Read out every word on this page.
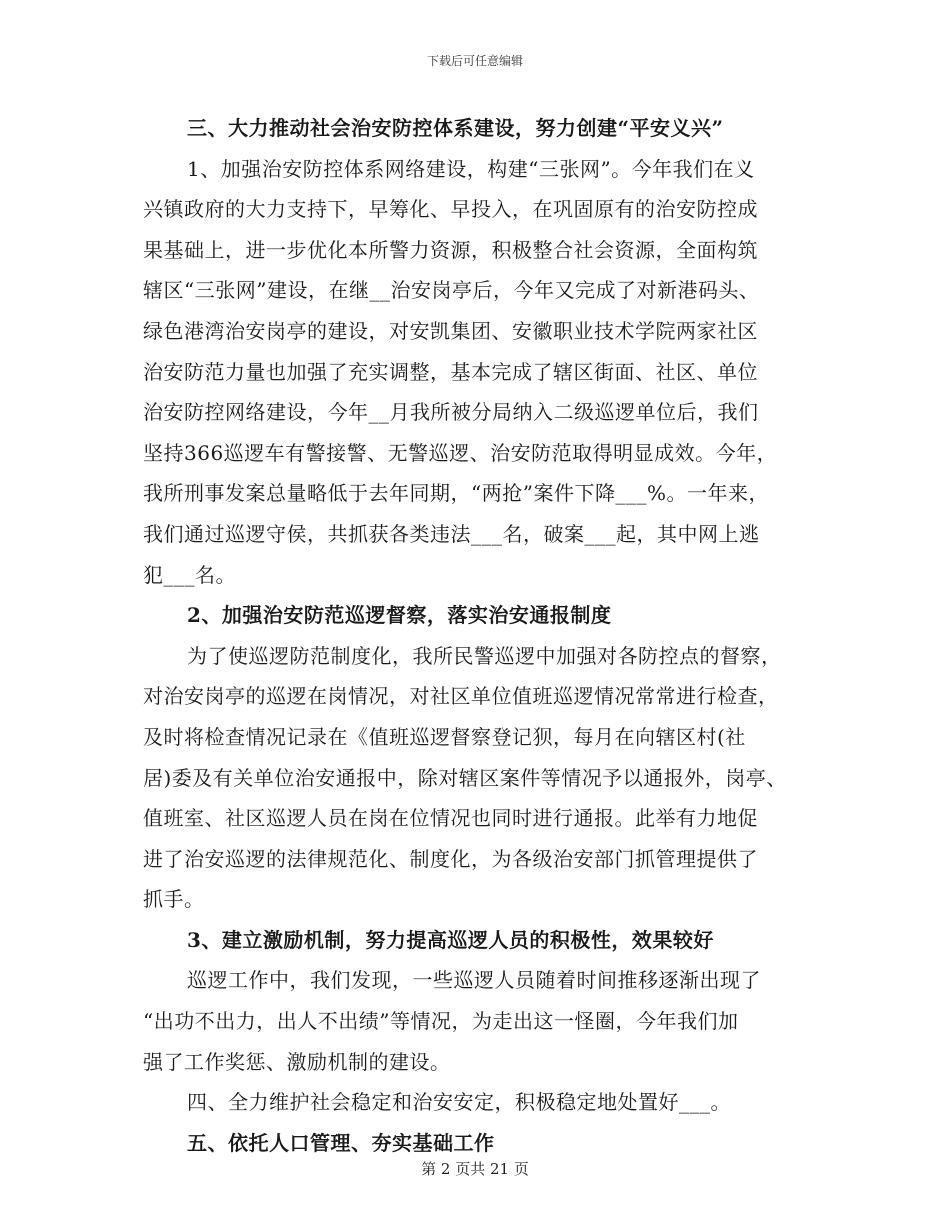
下载后可任意编辑
三、大力推动社会治安防控体系建设，努力创建“平安义兴”
1、加强治安防控体系网络建设，构建“三张网”。今年我们在义
兴镇政府的大力支持下，早筹化、早投入，在巩固原有的治安防控成
果基础上，进一步优化本所警力资源，积极整合社会资源，全面构筑
辖区“三张网”建设，在继__治安岗亭后，今年又完成了对新港码头、
绿色港湾治安岗亭的建设，对安凯集团、安徽职业技术学院两家社区
治安防范力量也加强了充实调整，基本完成了辖区街面、社区、单位
治安防控网络建设，今年__月我所被分局纳入二级巡逻单位后，我们
坚持366巡逻车有警接警、无警巡逻、治安防范取得明显成效。今年，
我所刑事发案总量略低于去年同期，“两抢”案件下降___%。一年来，
我们通过巡逻守侯，共抓获各类违法___名，破案___起，其中网上逃
犯___名。
2、加强治安防范巡逻督察，落实治安通报制度
为了使巡逻防范制度化，我所民警巡逻中加强对各防控点的督察，
对治安岗亭的巡逻在岗情况，对社区单位值班巡逻情况常常进行检查，
及时将检查情况记录在《值班巡逻督察登记狈，每月在向辖区村(社
居)委及有关单位治安通报中，除对辖区案件等情况予以通报外，岗亭、
值班室、社区巡逻人员在岗在位情况也同时进行通报。此举有力地促
进了治安巡逻的法律规范化、制度化，为各级治安部门抓管理提供了
抓手。
3、建立激励机制，努力提高巡逻人员的积极性，效果较好
巡逻工作中，我们发现，一些巡逻人员随着时间推移逐渐出现了
“出功不出力，出人不出绩”等情况，为走出这一怪圈，今年我们加
强了工作奖惩、激励机制的建设。
四、全力维护社会稳定和治安安定，积极稳定地处置好___。
五、依托人口管理、夯实基础工作
第 2 页共 21 页
